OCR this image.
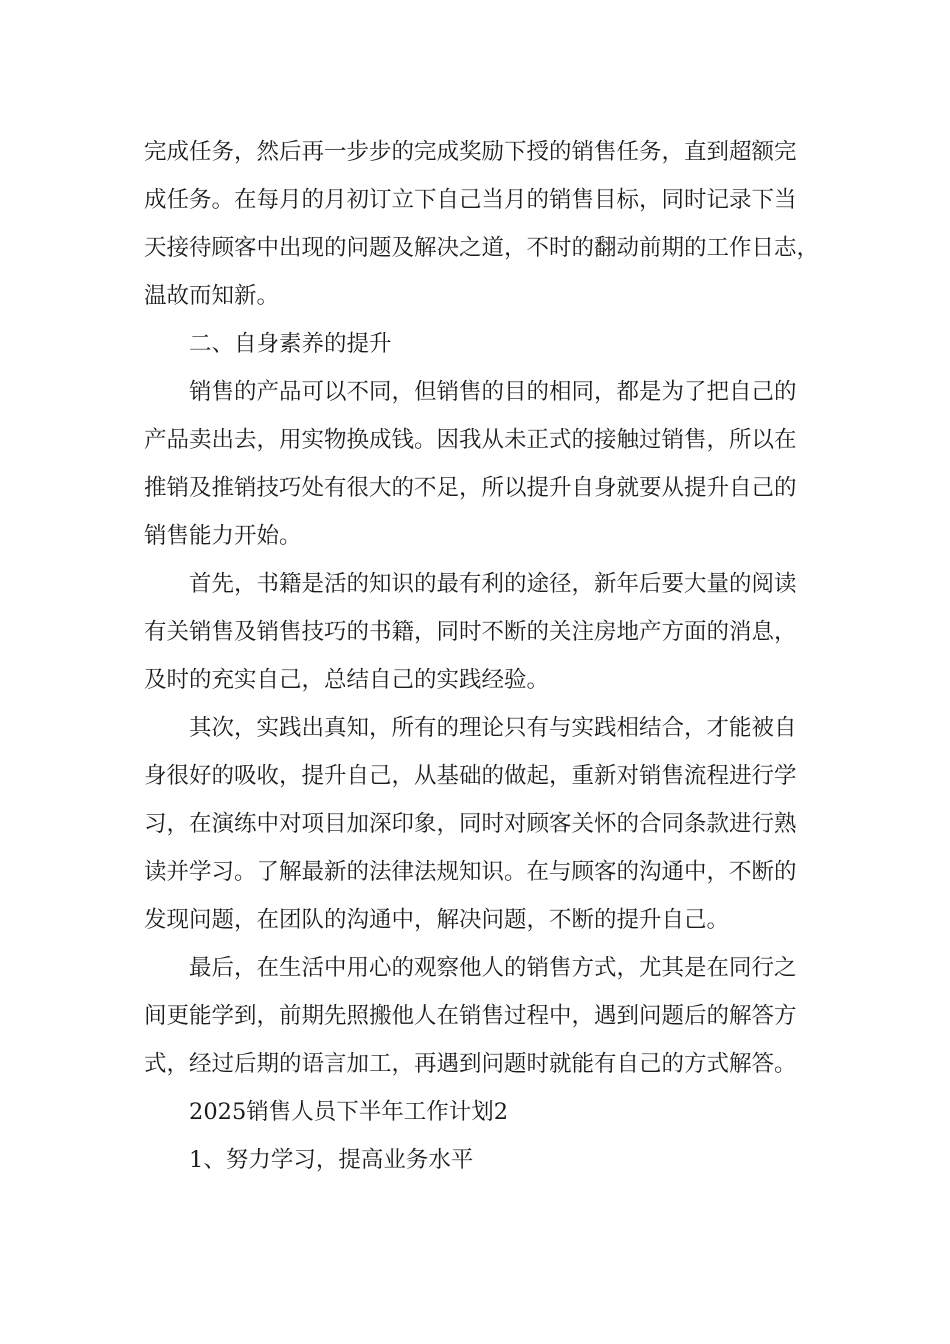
完成任务，然后再一步步的完成奖励下授的销售任务，直到超额完
成任务。在每月的月初订立下自己当月的销售目标，同时记录下当
天接待顾客中出现的问题及解决之道，不时的翻动前期的工作日志，
温故而知新。
二、自身素养的提升
销售的产品可以不同，但销售的目的相同，都是为了把自己的
产品卖出去，用实物换成钱。因我从未正式的接触过销售，所以在
推销及推销技巧处有很大的不足，所以提升自身就要从提升自己的
销售能力开始。
首先，书籍是活的知识的最有利的途径，新年后要大量的阅读
有关销售及销售技巧的书籍，同时不断的关注房地产方面的消息，
及时的充实自己，总结自己的实践经验。
其次，实践出真知，所有的理论只有与实践相结合，才能被自
身很好的吸收，提升自己，从基础的做起，重新对销售流程进行学
习，在演练中对项目加深印象，同时对顾客关怀的合同条款进行熟
读并学习。了解最新的法律法规知识。在与顾客的沟通中，不断的
发现问题，在团队的沟通中，解决问题，不断的提升自己。
最后，在生活中用心的观察他人的销售方式，尤其是在同行之
间更能学到，前期先照搬他人在销售过程中，遇到问题后的解答方
式，经过后期的语言加工，再遇到问题时就能有自己的方式解答。
2025销售人员下半年工作计划2
1、努力学习，提高业务水平
